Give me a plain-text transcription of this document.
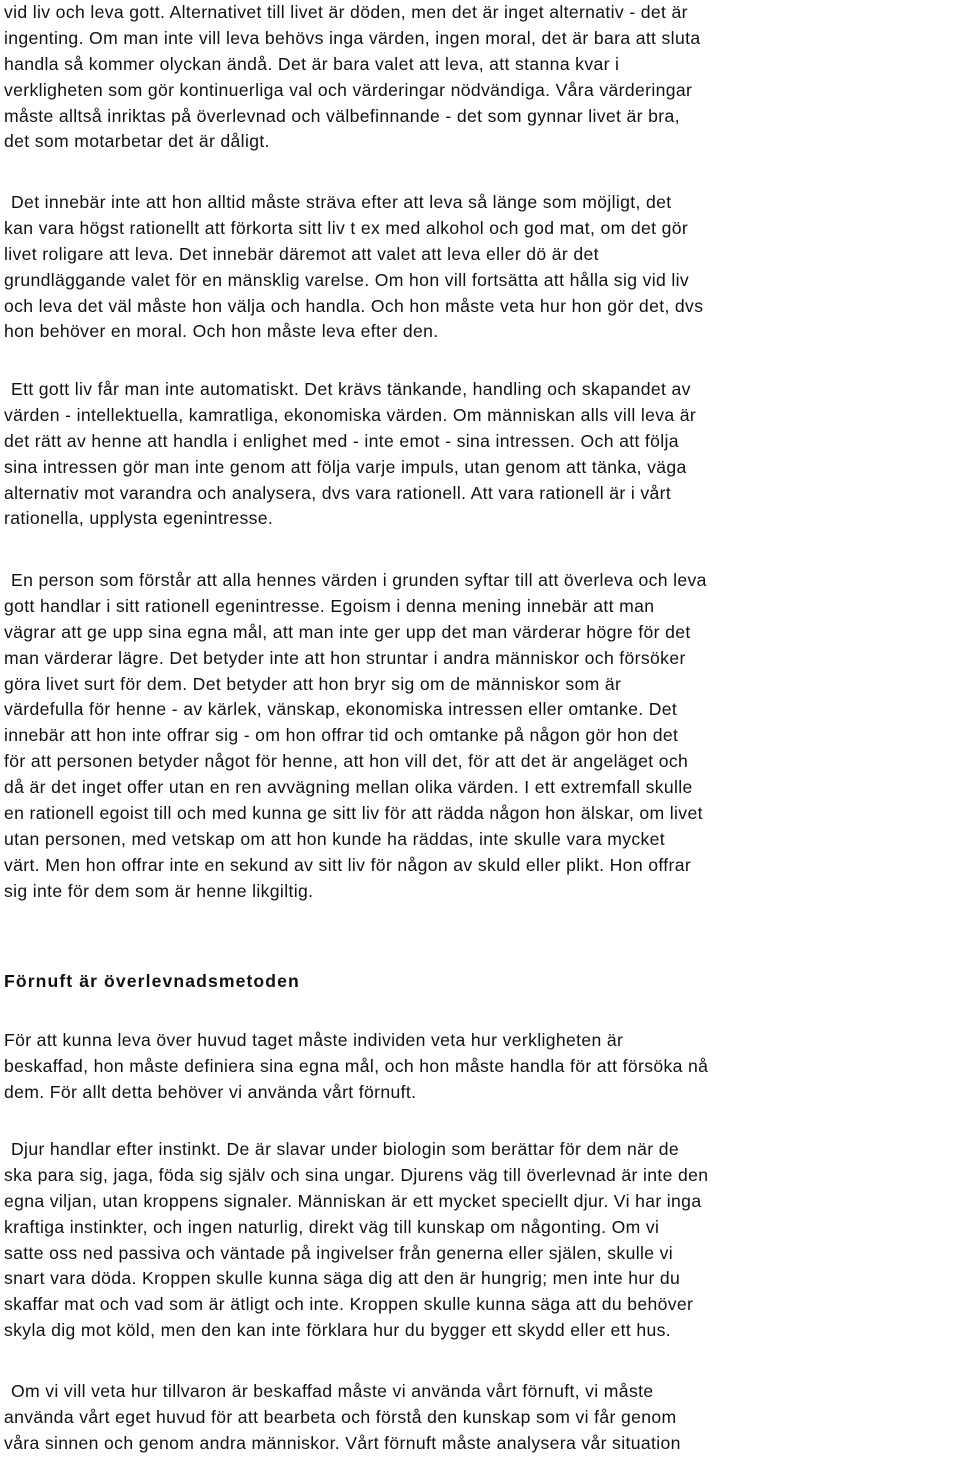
vid liv och leva gott. Alternativet till livet är döden, men det är inget alternativ - det är
ingenting. Om man inte vill leva behövs inga värden, ingen moral, det är bara att sluta
handla så kommer olyckan ändå. Det är bara valet att leva, att stanna kvar i
verkligheten som gör kontinuerliga val och värderingar nödvändiga. Våra värderingar
måste alltså inriktas på överlevnad och välbefinnande - det som gynnar livet är bra,
det som motarbetar det är dåligt.
Det innebär inte att hon alltid måste sträva efter att leva så länge som möjligt, det
kan vara högst rationellt att förkorta sitt liv t ex med alkohol och god mat, om det gör
livet roligare att leva. Det innebär däremot att valet att leva eller dö är det
grundläggande valet för en mänsklig varelse. Om hon vill fortsätta att hålla sig vid liv
och leva det väl måste hon välja och handla. Och hon måste veta hur hon gör det, dvs
hon behöver en moral. Och hon måste leva efter den.
Ett gott liv får man inte automatiskt. Det krävs tänkande, handling och skapandet av
värden - intellektuella, kamratliga, ekonomiska värden. Om människan alls vill leva är
det rätt av henne att handla i enlighet med - inte emot - sina intressen. Och att följa
sina intressen gör man inte genom att följa varje impuls, utan genom att tänka, väga
alternativ mot varandra och analysera, dvs vara rationell. Att vara rationell är i vårt
rationella, upplysta egenintresse.
En person som förstår att alla hennes värden i grunden syftar till att överleva och leva
gott handlar i sitt rationell egenintresse. Egoism i denna mening innebär att man
vägrar att ge upp sina egna mål, att man inte ger upp det man värderar högre för det
man värderar lägre. Det betyder inte att hon struntar i andra människor och försöker
göra livet surt för dem. Det betyder att hon bryr sig om de människor som är
värdefulla för henne - av kärlek, vänskap, ekonomiska intressen eller omtanke. Det
innebär att hon inte offrar sig - om hon offrar tid och omtanke på någon gör hon det
för att personen betyder något för henne, att hon vill det, för att det är angeläget och
då är det inget offer utan en ren avvägning mellan olika värden. I ett extremfall skulle
en rationell egoist till och med kunna ge sitt liv för att rädda någon hon älskar, om livet
utan personen, med vetskap om att hon kunde ha räddas, inte skulle vara mycket
värt. Men hon offrar inte en sekund av sitt liv för någon av skuld eller plikt. Hon offrar
sig inte för dem som är henne likgiltig.
Förnuft är överlevnadsmetoden
För att kunna leva över huvud taget måste individen veta hur verkligheten är
beskaffad, hon måste definiera sina egna mål, och hon måste handla för att försöka nå
dem. För allt detta behöver vi använda vårt förnuft.
Djur handlar efter instinkt. De är slavar under biologin som berättar för dem när de
ska para sig, jaga, föda sig själv och sina ungar. Djurens väg till överlevnad är inte den
egna viljan, utan kroppens signaler. Människan är ett mycket speciellt djur. Vi har inga
kraftiga instinkter, och ingen naturlig, direkt väg till kunskap om någonting. Om vi
satte oss ned passiva och väntade på ingivelser från generna eller själen, skulle vi
snart vara döda. Kroppen skulle kunna säga dig att den är hungrig; men inte hur du
skaffar mat och vad som är ätligt och inte. Kroppen skulle kunna säga att du behöver
skyla dig mot köld, men den kan inte förklara hur du bygger ett skydd eller ett hus.
Om vi vill veta hur tillvaron är beskaffad måste vi använda vårt förnuft, vi måste
använda vårt eget huvud för att bearbeta och förstå den kunskap som vi får genom
våra sinnen och genom andra människor. Vårt förnuft måste analysera vår situation
